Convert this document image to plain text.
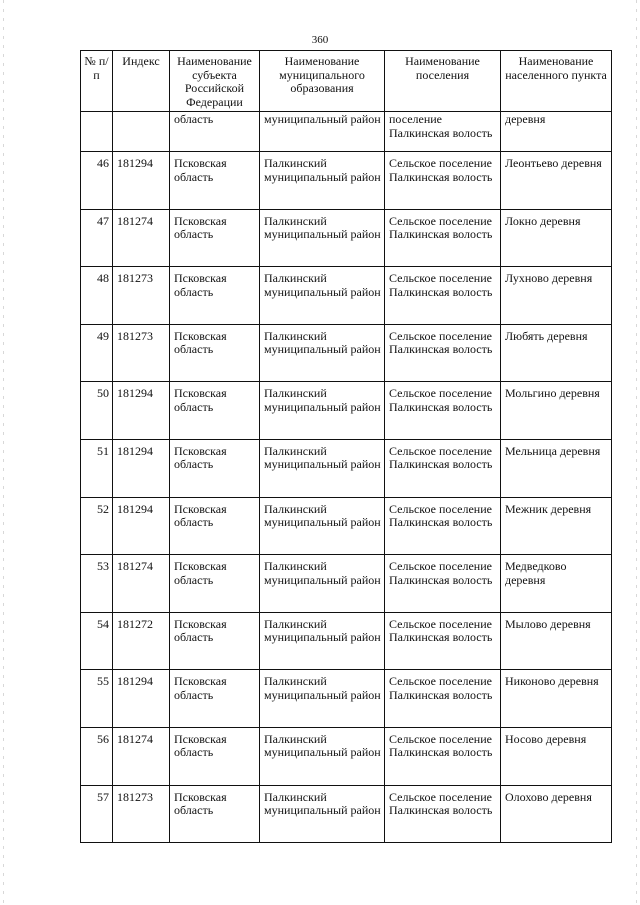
360
№ п/п	Индекс	Наименование субъекта Российской Федерации	Наименование муниципального образования	Наименование поселения	Наименование населенного пункта
		область	муниципальный район	поселение Палкинская волость	деревня
46	181294	Псковская область	Палкинский муниципальный район	Сельское поселение Палкинская волость	Леонтьево деревня
47	181274	Псковская область	Палкинский муниципальный район	Сельское поселение Палкинская волость	Локно деревня
48	181273	Псковская область	Палкинский муниципальный район	Сельское поселение Палкинская волость	Лухново деревня
49	181273	Псковская область	Палкинский муниципальный район	Сельское поселение Палкинская волость	Любять деревня
50	181294	Псковская область	Палкинский муниципальный район	Сельское поселение Палкинская волость	Мольгино деревня
51	181294	Псковская область	Палкинский муниципальный район	Сельское поселение Палкинская волость	Мельница деревня
52	181294	Псковская область	Палкинский муниципальный район	Сельское поселение Палкинская волость	Межник деревня
53	181274	Псковская область	Палкинский муниципальный район	Сельское поселение Палкинская волость	Медведково деревня
54	181272	Псковская область	Палкинский муниципальный район	Сельское поселение Палкинская волость	Мылово деревня
55	181294	Псковская область	Палкинский муниципальный район	Сельское поселение Палкинская волость	Никоново деревня
56	181274	Псковская область	Палкинский муниципальный район	Сельское поселение Палкинская волость	Носово деревня
57	181273	Псковская область	Палкинский муниципальный район	Сельское поселение Палкинская волость	Олохово деревня
